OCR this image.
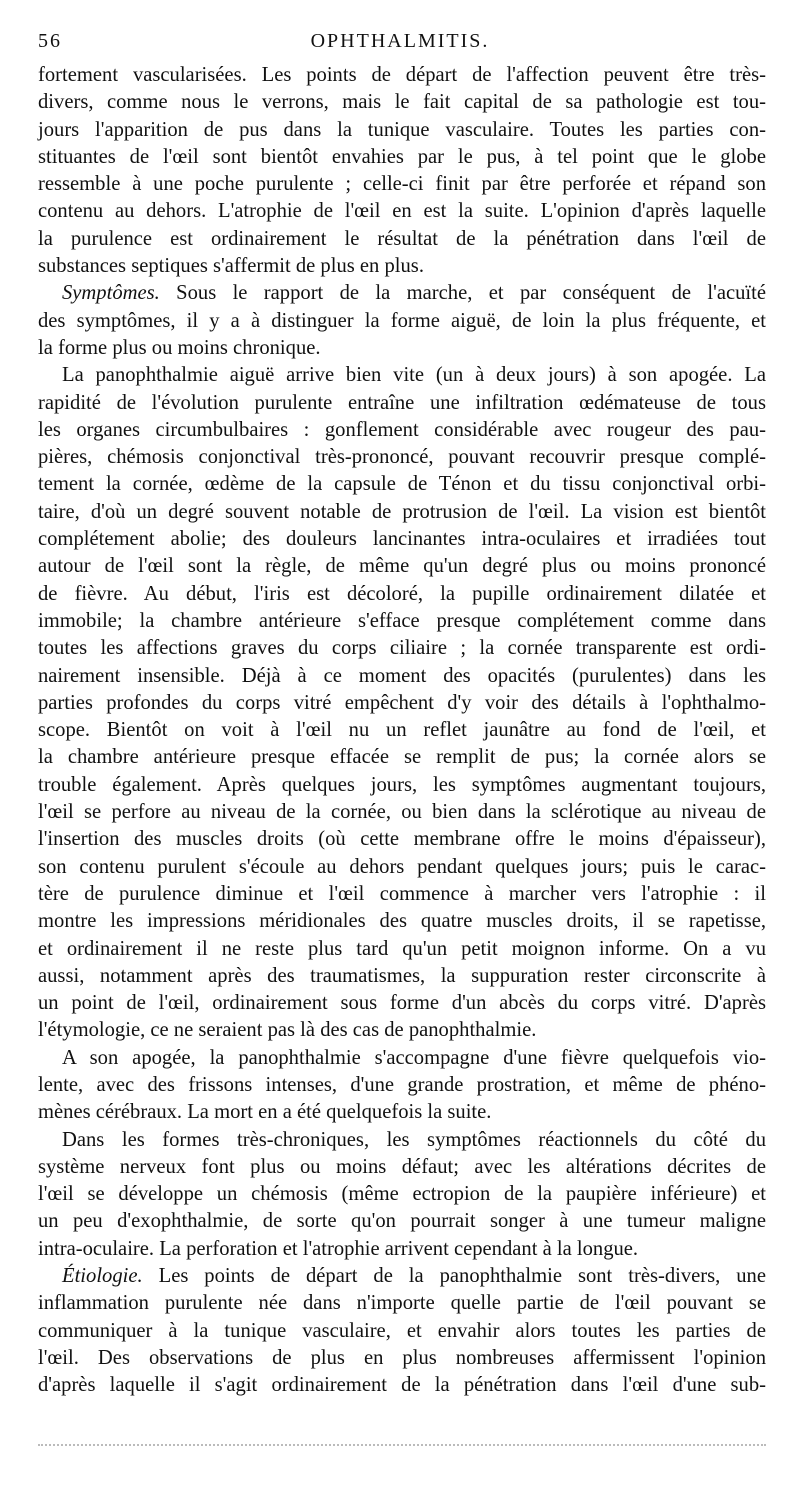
56	OPHTHALMITIS.
fortement vascularisées. Les points de départ de l'affection peuvent être très-
divers, comme nous le verrons, mais le fait capital de sa pathologie est tou-
jours l'apparition de pus dans la tunique vasculaire. Toutes les parties con-
stituantes de l'œil sont bientôt envahies par le pus, à tel point que le globe
ressemble à une poche purulente ; celle-ci finit par être perforée et répand son
contenu au dehors. L'atrophie de l'œil en est la suite. L'opinion d'après laquelle
la purulence est ordinairement le résultat de la pénétration dans l'œil de
substances septiques s'affermit de plus en plus.
Symptômes. Sous le rapport de la marche, et par conséquent de l'acuïté
des symptômes, il y a à distinguer la forme aiguë, de loin la plus fréquente, et
la forme plus ou moins chronique.
La panophthalmie aiguë arrive bien vite (un à deux jours) à son apogée. La
rapidité de l'évolution purulente entraîne une infiltration œdémateuse de tous
les organes circumbulbaires : gonflement considérable avec rougeur des pau-
pières, chémosis conjonctival très-prononcé, pouvant recouvrir presque complé-
tement la cornée, œdème de la capsule de Ténon et du tissu conjonctival orbi-
taire, d'où un degré souvent notable de protrusion de l'œil. La vision est bientôt
complétement abolie; des douleurs lancinantes intra-oculaires et irradiées tout
autour de l'œil sont la règle, de même qu'un degré plus ou moins prononcé
de fièvre. Au début, l'iris est décoloré, la pupille ordinairement dilatée et
immobile; la chambre antérieure s'efface presque complétement comme dans
toutes les affections graves du corps ciliaire ; la cornée transparente est ordi-
nairement insensible. Déjà à ce moment des opacités (purulentes) dans les
parties profondes du corps vitré empêchent d'y voir des détails à l'ophthalmo-
scope. Bientôt on voit à l'œil nu un reflet jaunâtre au fond de l'œil, et
la chambre antérieure presque effacée se remplit de pus; la cornée alors se
trouble également. Après quelques jours, les symptômes augmentant toujours,
l'œil se perfore au niveau de la cornée, ou bien dans la sclérotique au niveau de
l'insertion des muscles droits (où cette membrane offre le moins d'épaisseur),
son contenu purulent s'écoule au dehors pendant quelques jours; puis le carac-
tère de purulence diminue et l'œil commence à marcher vers l'atrophie : il
montre les impressions méridionales des quatre muscles droits, il se rapetisse,
et ordinairement il ne reste plus tard qu'un petit moignon informe. On a vu
aussi, notamment après des traumatismes, la suppuration rester circonscrite à
un point de l'œil, ordinairement sous forme d'un abcès du corps vitré. D'après
l'étymologie, ce ne seraient pas là des cas de panophthalmie.
A son apogée, la panophthalmie s'accompagne d'une fièvre quelquefois vio-
lente, avec des frissons intenses, d'une grande prostration, et même de phéno-
mènes cérébraux. La mort en a été quelquefois la suite.
Dans les formes très-chroniques, les symptômes réactionnels du côté du
système nerveux font plus ou moins défaut; avec les altérations décrites de
l'œil se développe un chémosis (même ectropion de la paupière inférieure) et
un peu d'exophthalmie, de sorte qu'on pourrait songer à une tumeur maligne
intra-oculaire. La perforation et l'atrophie arrivent cependant à la longue.
Étiologie. Les points de départ de la panophthalmie sont très-divers, une
inflammation purulente née dans n'importe quelle partie de l'œil pouvant se
communiquer à la tunique vasculaire, et envahir alors toutes les parties de
l'œil. Des observations de plus en plus nombreuses affermissent l'opinion
d'après laquelle il s'agit ordinairement de la pénétration dans l'œil d'une sub-
